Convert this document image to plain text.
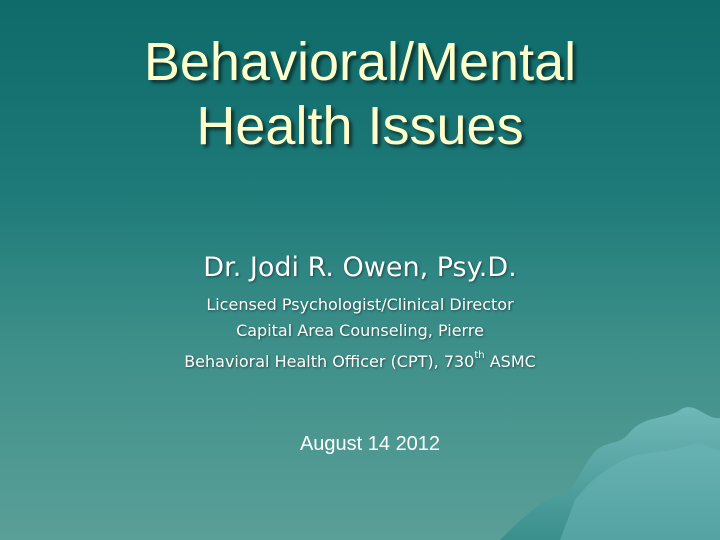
Behavioral/Mental
Health Issues
Dr. Jodi R. Owen, Psy.D.
Licensed Psychologist/Clinical Director
Capital Area Counseling, Pierre
Behavioral Health Officer (CPT), 730th ASMC
August 14 2012
